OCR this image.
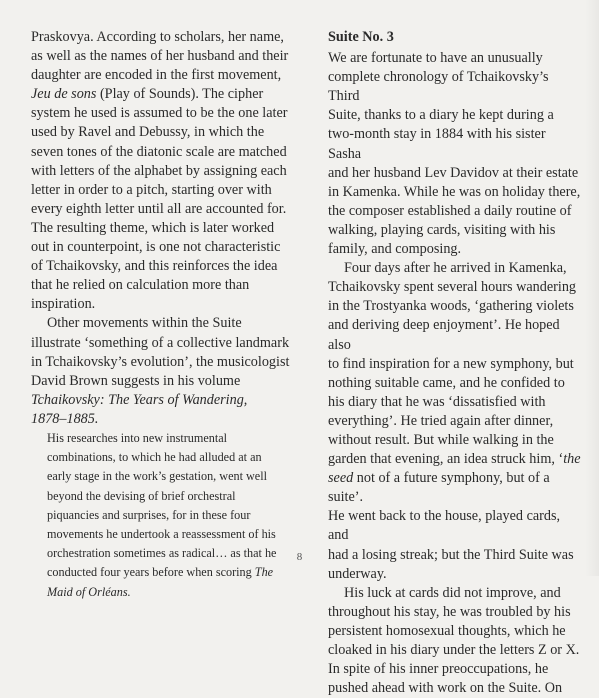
Praskovya. According to scholars, her name,
as well as the names of her husband and their
daughter are encoded in the first movement,
Jeu de sons (Play of Sounds). The cipher
system he used is assumed to be the one later
used by Ravel and Debussy, in which the
seven tones of the diatonic scale are matched
with letters of the alphabet by assigning each
letter in order to a pitch, starting over with
every eighth letter until all are accounted for.
The resulting theme, which is later worked
out in counterpoint, is one not characteristic
of Tchaikovsky, and this reinforces the idea
that he relied on calculation more than
inspiration.

Other movements within the Suite
illustrate ‘something of a collective landmark
in Tchaikovsky’s evolution’, the musicologist
David Brown suggests in his volume
Tchaikovsky: The Years of Wandering,
1878–1885.

His researches into new instrumental
combinations, to which he had alluded at an
early stage in the work’s gestation, went well
beyond the devising of brief orchestral
piquancies and surprises, for in these four
movements he undertook a reassessment of his
orchestration sometimes as radical… as that he
conducted four years before when scoring The
Maid of Orléans.

Suite No. 3

We are fortunate to have an unusually
complete chronology of Tchaikovsky’s Third
Suite, thanks to a diary he kept during a
two-month stay in 1884 with his sister Sasha
and her husband Lev Davidov at their estate
in Kamenka. While he was on holiday there,
the composer established a daily routine of
walking, playing cards, visiting with his
family, and composing.

Four days after he arrived in Kamenka,
Tchaikovsky spent several hours wandering
in the Trostyanka woods, ‘gathering violets
and deriving deep enjoyment’. He hoped also
to find inspiration for a new symphony, but
nothing suitable came, and he confided to
his diary that he was ‘dissatisfied with
everything’. He tried again after dinner,
without result. But while walking in the
garden that evening, an idea struck him, ‘the
seed not of a future symphony, but of a suite’.
He went back to the house, played cards, and
had a losing streak; but the Third Suite was
underway.

His luck at cards did not improve, and
throughout his stay, he was troubled by his
persistent homosexual thoughts, which he
cloaked in his diary under the letters Z or X.
In spite of his inner preoccupations, he
pushed ahead with work on the Suite. On

8
